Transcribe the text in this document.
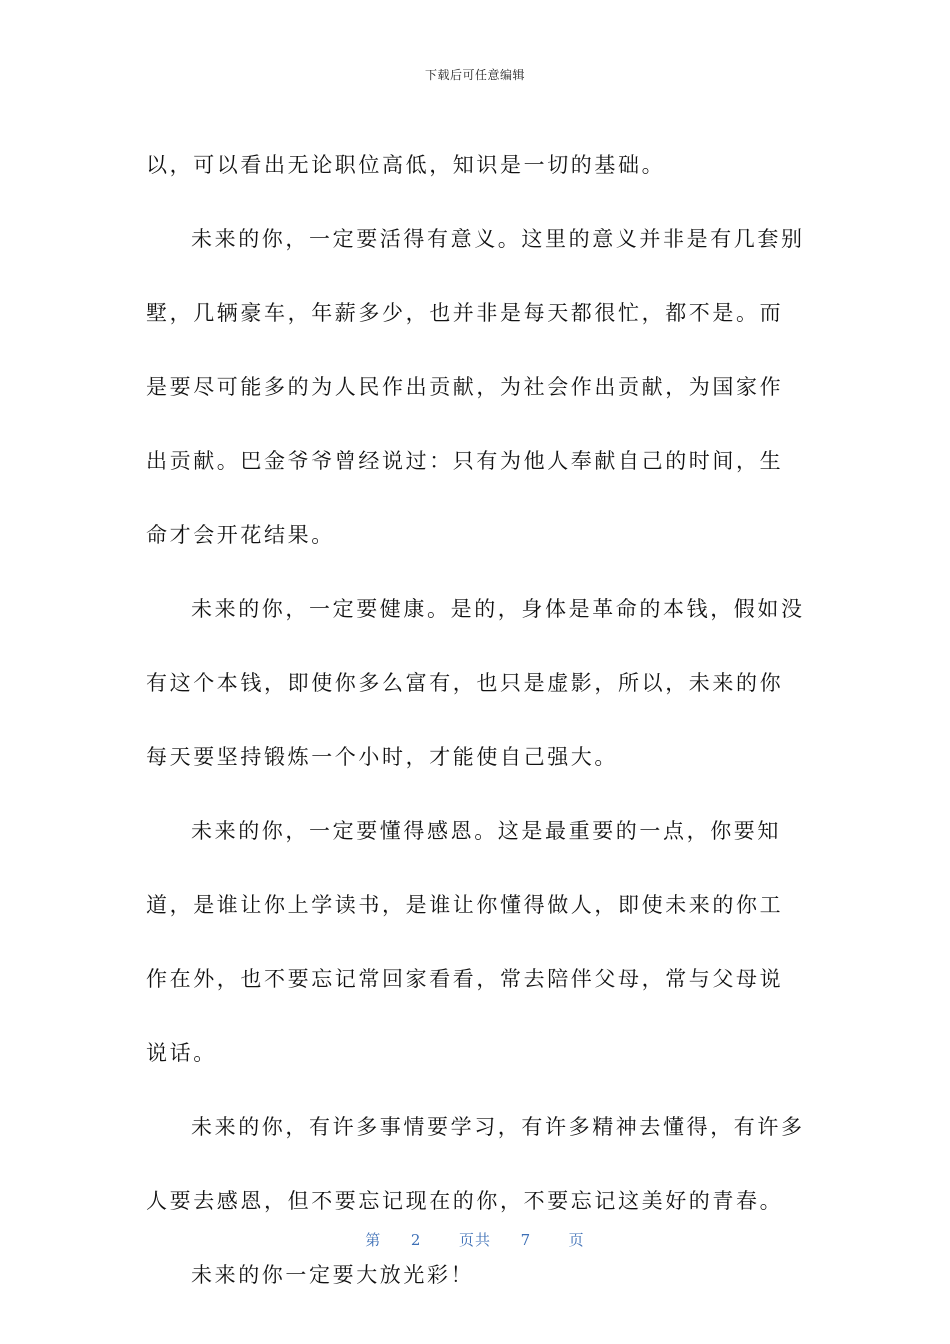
下载后可任意编辑

以，可以看出无论职位高低，知识是一切的基础。

未来的你，一定要活得有意义。这里的意义并非是有几套别墅，几辆豪车，年薪多少，也并非是每天都很忙，都不是。而是要尽可能多的为人民作出贡献，为社会作出贡献，为国家作出贡献。巴金爷爷曾经说过：只有为他人奉献自己的时间，生命才会开花结果。

未来的你，一定要健康。是的，身体是革命的本钱，假如没有这个本钱，即使你多么富有，也只是虚影，所以，未来的你每天要坚持锻炼一个小时，才能使自己强大。

未来的你，一定要懂得感恩。这是最重要的一点，你要知道，是谁让你上学读书，是谁让你懂得做人，即使未来的你工作在外，也不要忘记常回家看看，常去陪伴父母，常与父母说说话。

未来的你，有许多事情要学习，有许多精神去懂得，有许多人要去感恩，但不要忘记现在的你，不要忘记这美好的青春。

未来的你一定要大放光彩！

第 2	页共 7	页
